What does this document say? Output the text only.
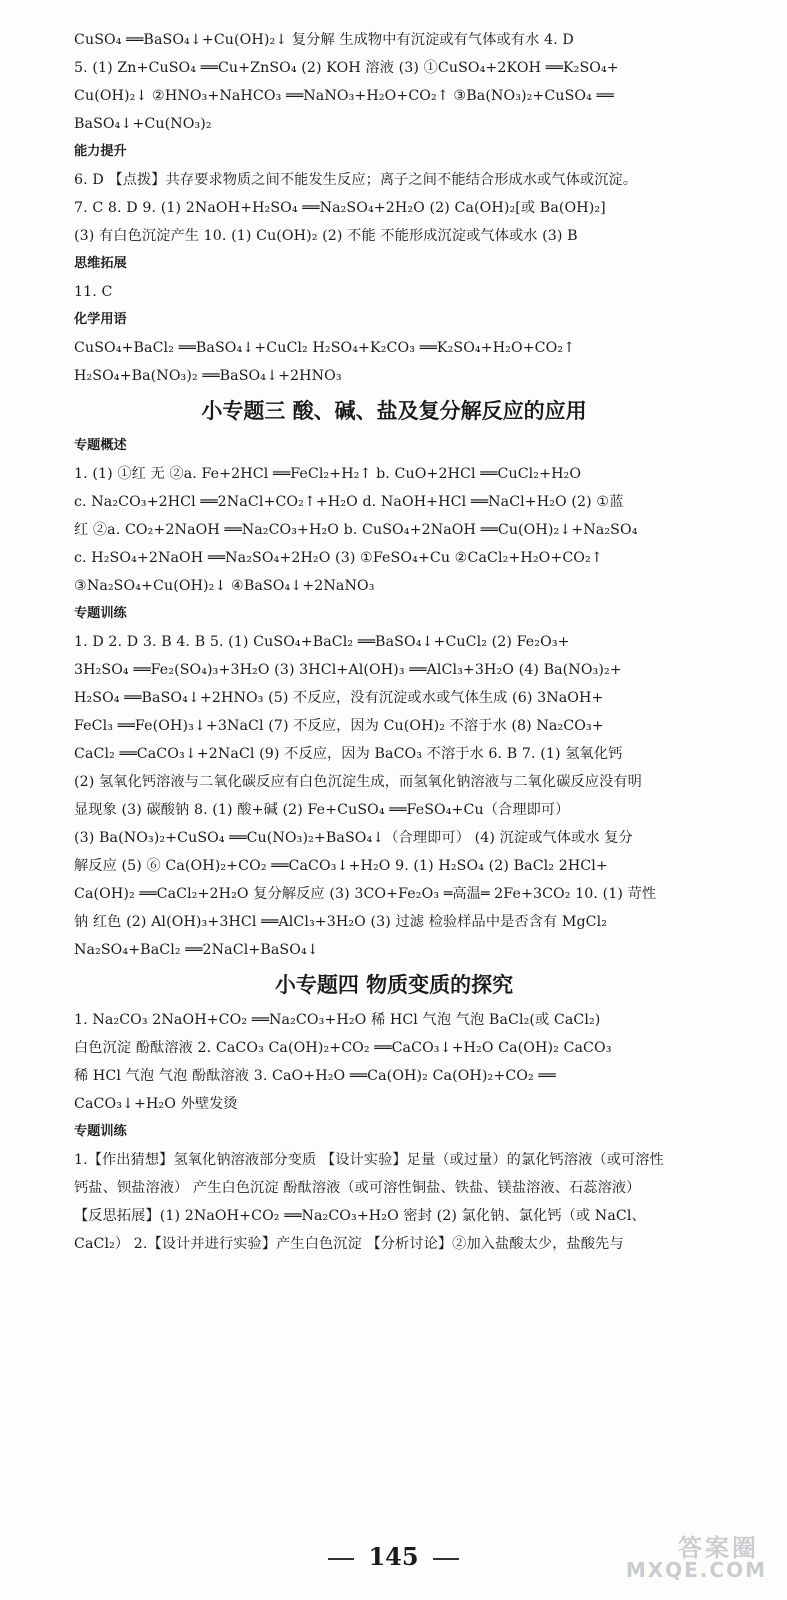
CuSO₄ ══BaSO₄↓+Cu(OH)₂↓ 复分解 生成物中有沉淀或有气体或有水 4. D
5. (1) Zn+CuSO₄ ══Cu+ZnSO₄ (2) KOH 溶液 (3) ①CuSO₄+2KOH ══K₂SO₄+
Cu(OH)₂↓ ②HNO₃+NaHCO₃ ══NaNO₃+H₂O+CO₂↑ ③Ba(NO₃)₂+CuSO₄ ══
BaSO₄↓+Cu(NO₃)₂
能力提升
6. D 【点拨】共存要求物质之间不能发生反应；离子之间不能结合形成水或气体或沉淀。
7. C 8. D 9. (1) 2NaOH+H₂SO₄ ══Na₂SO₄+2H₂O (2) Ca(OH)₂[或 Ba(OH)₂]
(3) 有白色沉淀产生 10. (1) Cu(OH)₂ (2) 不能 不能形成沉淀或气体或水 (3) B
思维拓展
11. C
化学用语
CuSO₄+BaCl₂ ══BaSO₄↓+CuCl₂ H₂SO₄+K₂CO₃ ══K₂SO₄+H₂O+CO₂↑
H₂SO₄+Ba(NO₃)₂ ══BaSO₄↓+2HNO₃
小专题三 酸、碱、盐及复分解反应的应用
专题概述
1. (1) ①红 无 ②a. Fe+2HCl ══FeCl₂+H₂↑ b. CuO+2HCl ══CuCl₂+H₂O
c. Na₂CO₃+2HCl ══2NaCl+CO₂↑+H₂O d. NaOH+HCl ══NaCl+H₂O (2) ①蓝
红 ②a. CO₂+2NaOH ══Na₂CO₃+H₂O b. CuSO₄+2NaOH ══Cu(OH)₂↓+Na₂SO₄
c. H₂SO₄+2NaOH ══Na₂SO₄+2H₂O (3) ①FeSO₄+Cu ②CaCl₂+H₂O+CO₂↑
③Na₂SO₄+Cu(OH)₂↓ ④BaSO₄↓+2NaNO₃
专题训练
1. D 2. D 3. B 4. B 5. (1) CuSO₄+BaCl₂ ══BaSO₄↓+CuCl₂ (2) Fe₂O₃+
3H₂SO₄ ══Fe₂(SO₄)₃+3H₂O (3) 3HCl+Al(OH)₃ ══AlCl₃+3H₂O (4) Ba(NO₃)₂+
H₂SO₄ ══BaSO₄↓+2HNO₃ (5) 不反应，没有沉淀或水或气体生成 (6) 3NaOH+
FeCl₃ ══Fe(OH)₃↓+3NaCl (7) 不反应，因为 Cu(OH)₂ 不溶于水 (8) Na₂CO₃+
CaCl₂ ══CaCO₃↓+2NaCl (9) 不反应，因为 BaCO₃ 不溶于水 6. B 7. (1) 氢氧化钙
(2) 氢氧化钙溶液与二氧化碳反应有白色沉淀生成，而氢氧化钠溶液与二氧化碳反应没有明
显现象 (3) 碳酸钠 8. (1) 酸+碱 (2) Fe+CuSO₄ ══FeSO₄+Cu（合理即可）
(3) Ba(NO₃)₂+CuSO₄ ══Cu(NO₃)₂+BaSO₄↓（合理即可） (4) 沉淀或气体或水 复分
解反应 (5) ⑥ Ca(OH)₂+CO₂ ══CaCO₃↓+H₂O 9. (1) H₂SO₄ (2) BaCl₂ 2HCl+
Ca(OH)₂ ══CaCl₂+2H₂O 复分解反应 (3) 3CO+Fe₂O₃ ═高温═ 2Fe+3CO₂ 10. (1) 苛性
钠 红色 (2) Al(OH)₃+3HCl ══AlCl₃+3H₂O (3) 过滤 检验样品中是否含有 MgCl₂
Na₂SO₄+BaCl₂ ══2NaCl+BaSO₄↓
小专题四 物质变质的探究
1. Na₂CO₃ 2NaOH+CO₂ ══Na₂CO₃+H₂O 稀 HCl 气泡 气泡 BaCl₂(或 CaCl₂)
白色沉淀 酚酞溶液 2. CaCO₃ Ca(OH)₂+CO₂ ══CaCO₃↓+H₂O Ca(OH)₂ CaCO₃
稀 HCl 气泡 气泡 酚酞溶液 3. CaO+H₂O ══Ca(OH)₂ Ca(OH)₂+CO₂ ══
CaCO₃↓+H₂O 外壁发烫
专题训练
1.【作出猜想】氢氧化钠溶液部分变质 【设计实验】足量（或过量）的氯化钙溶液（或可溶性
钙盐、钡盐溶液） 产生白色沉淀 酚酞溶液（或可溶性铜盐、铁盐、镁盐溶液、石蕊溶液）
【反思拓展】(1) 2NaOH+CO₂ ══Na₂CO₃+H₂O 密封 (2) 氯化钠、氯化钙（或 NaCl、
CaCl₂） 2.【设计并进行实验】产生白色沉淀 【分析讨论】②加入盐酸太少，盐酸先与
145	答案圈
MXQE.COM
